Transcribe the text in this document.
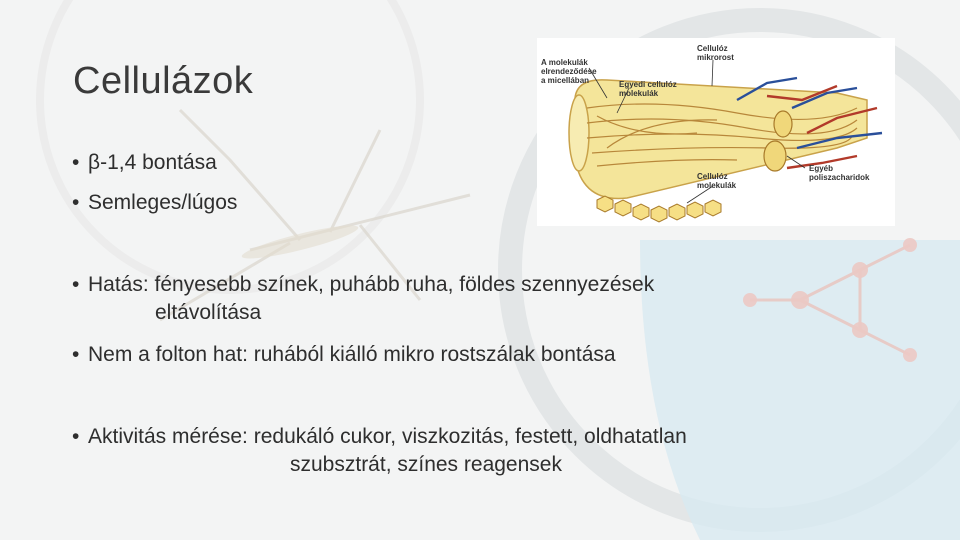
Cellulázok
• β-1,4 bontása
• Semleges/lúgos
• Hatás: fényesebb színek, puhább ruha, földes szennyezések
eltávolítása
• Nem a folton hat: ruhából kiálló mikro rostszálak bontása
• Aktivitás mérése: redukáló cukor, viszkozitás, festett, oldhatatlan
szubsztrát, színes reagensek
A molekulák
elrendeződése
a micellában	Egyedi cellulóz
molekulák
Cellulóz
mikrorost
Cellulóz
molekulák
Egyéb
poliszacharidok
